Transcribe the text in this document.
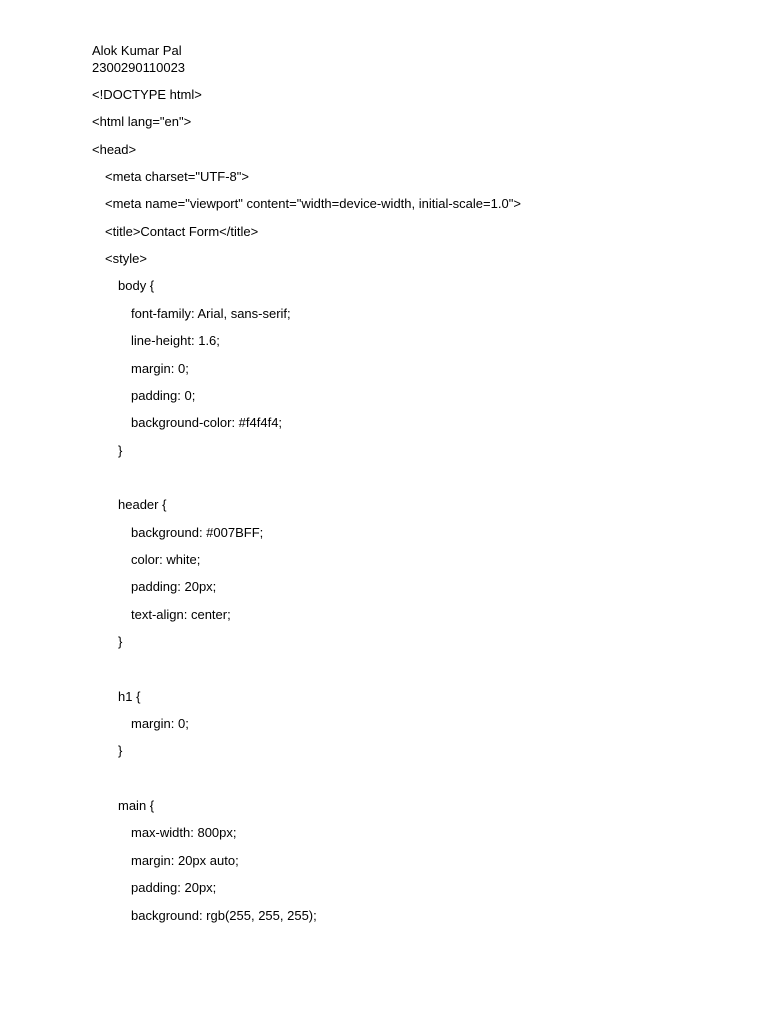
Alok Kumar Pal
2300290110023
<!DOCTYPE html>
<html lang="en">
<head>
<meta charset="UTF-8">
<meta name="viewport" content="width=device-width, initial-scale=1.0">
<title>Contact Form</title>
<style>
body {
font-family: Arial, sans-serif;
line-height: 1.6;
margin: 0;
padding: 0;
background-color: #f4f4f4;
}
header {
background: #007BFF;
color: white;
padding: 20px;
text-align: center;
}
h1 {
margin: 0;
}
main {
max-width: 800px;
margin: 20px auto;
padding: 20px;
background: rgb(255, 255, 255);
